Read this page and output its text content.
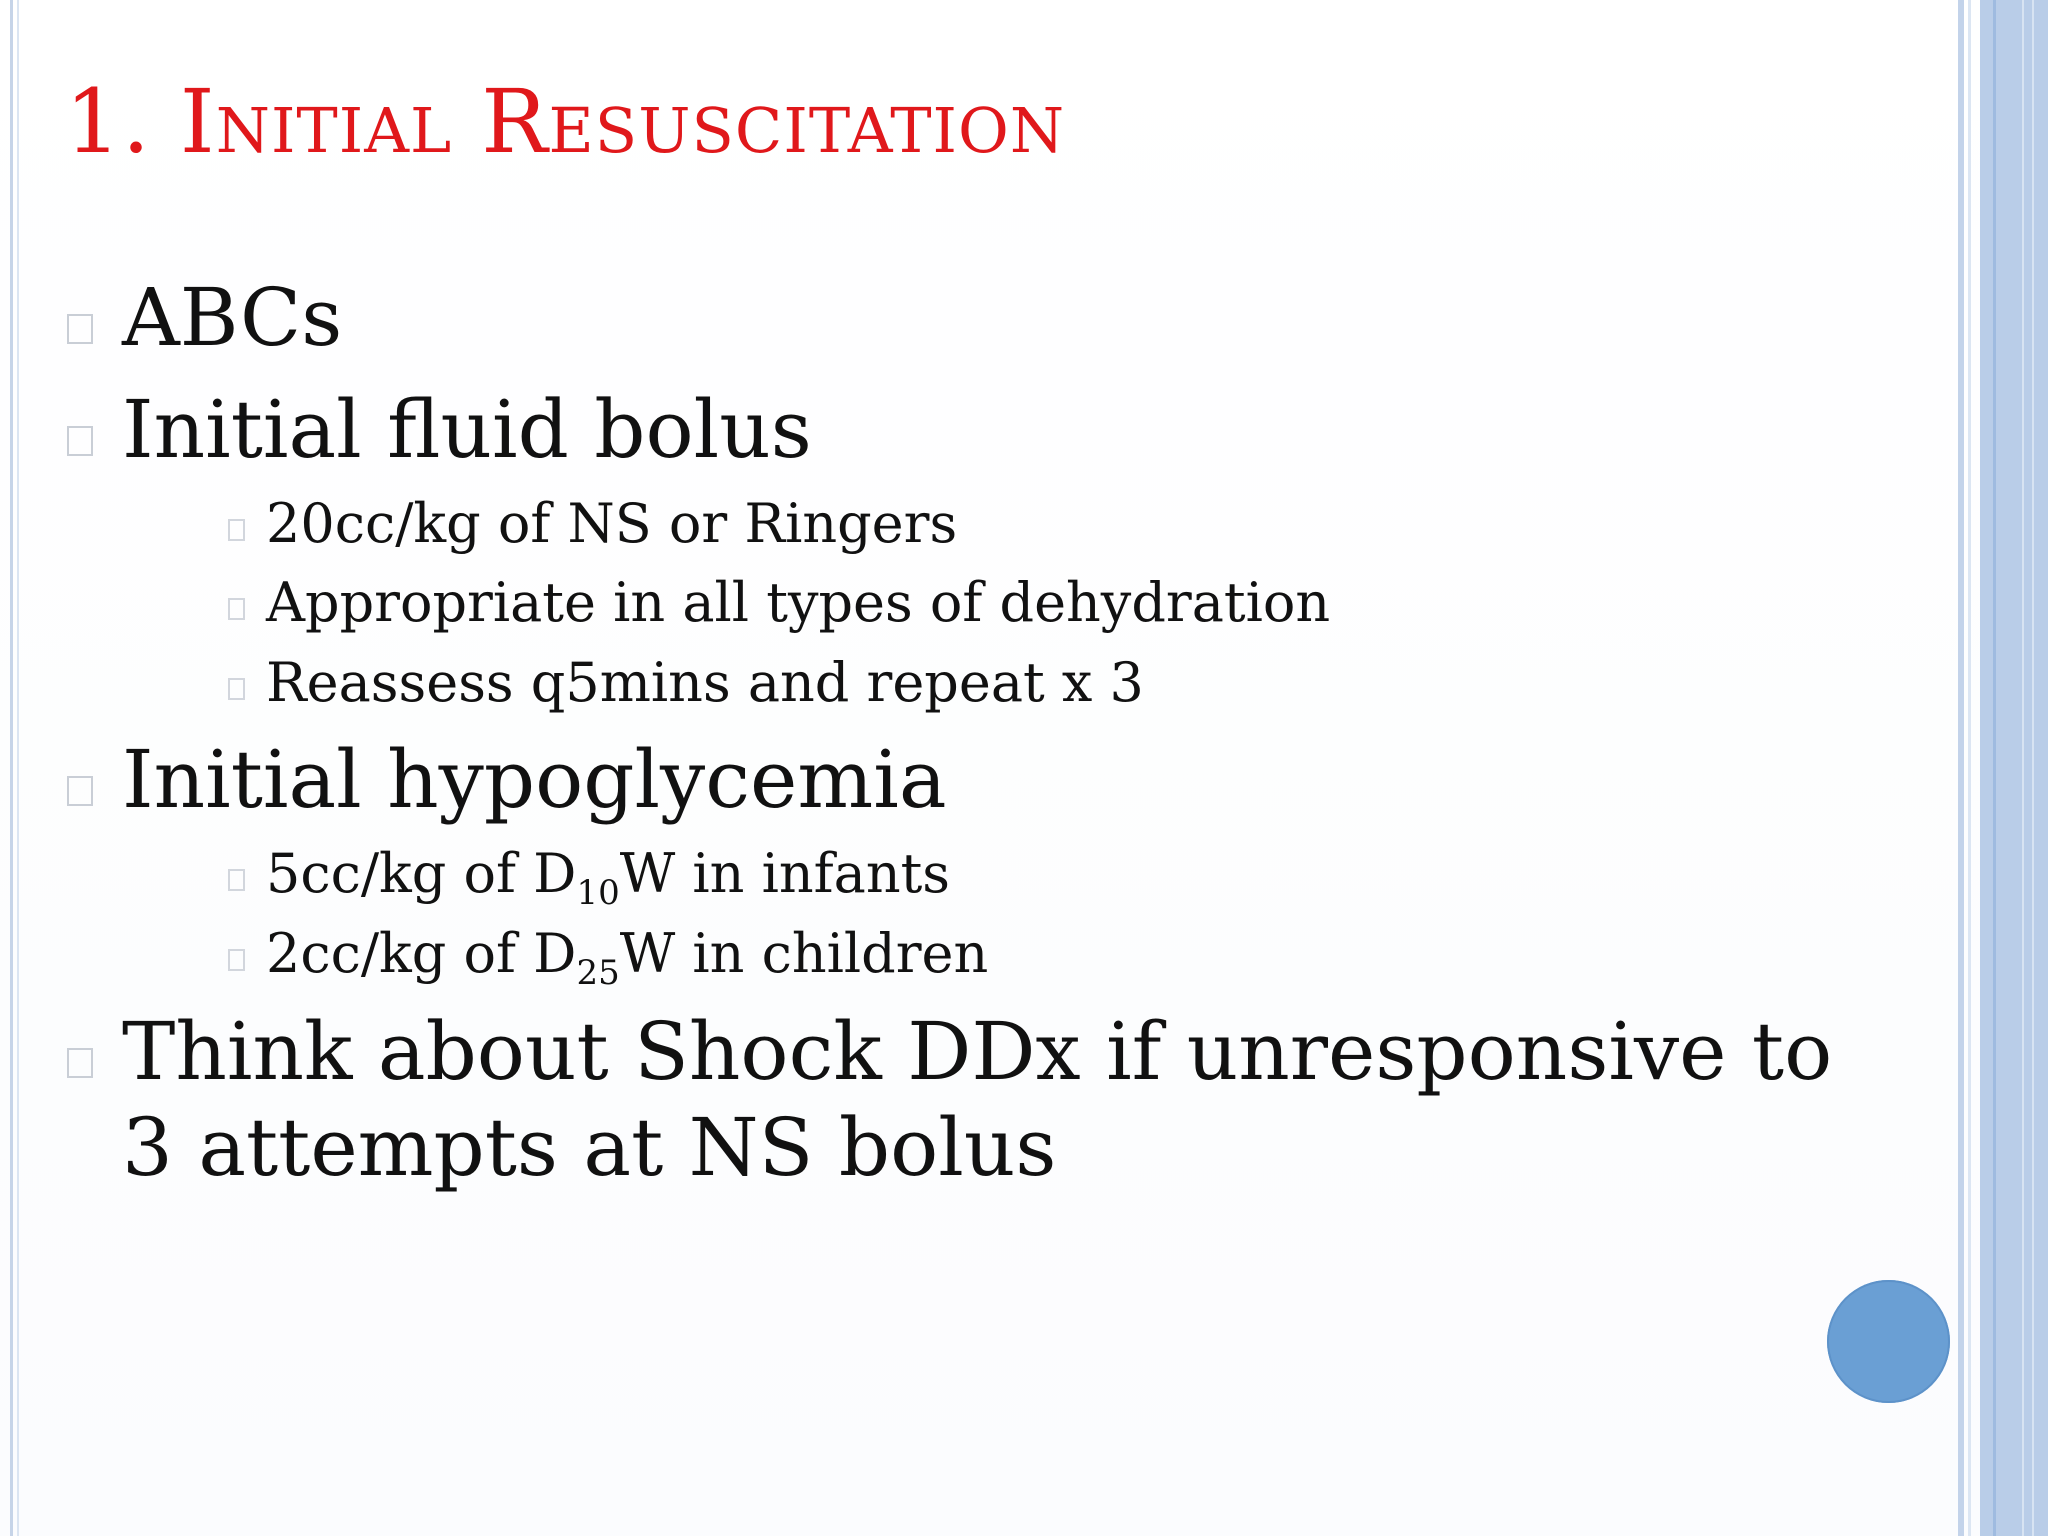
1. Initial Resuscitation
ABCs
Initial fluid bolus
20cc/kg of NS or Ringers
Appropriate in all types of dehydration
Reassess q5mins and repeat x 3
Initial hypoglycemia
5cc/kg of $D_{10}W$ in infants
2cc/kg of $D_{25}W$ in children
Think about Shock DDx if unresponsive to
3 attempts at NS bolus
